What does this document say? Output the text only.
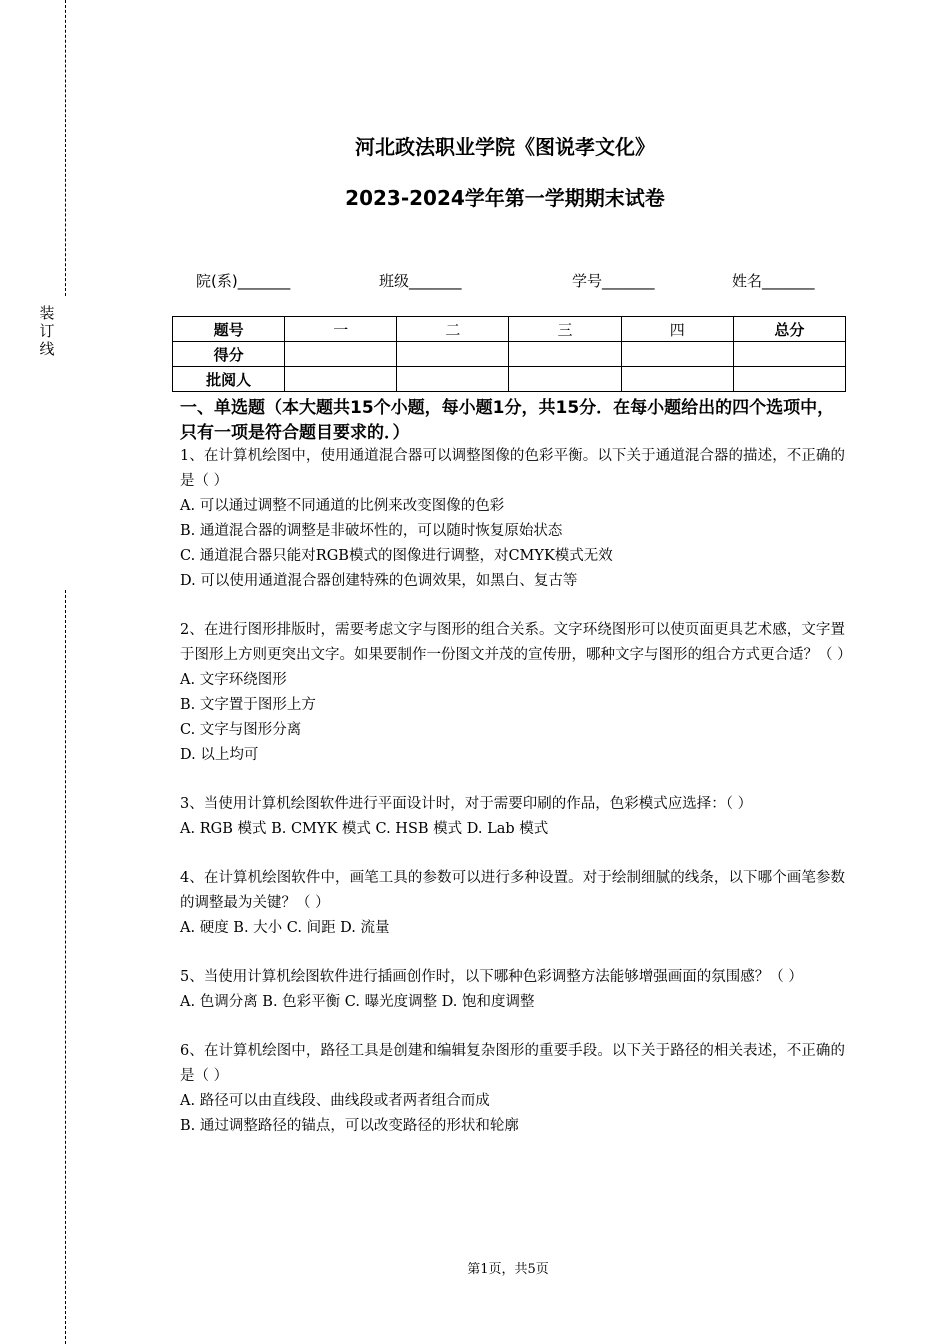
装
订
线
河北政法职业学院《图说孝文化》
2023-2024学年第一学期期末试卷
院(系)_______	班级_______	学号_______	姓名_______
题号	一	二	三	四	总分
得分					
批阅人					
一、单选题（本大题共15个小题，每小题1分，共15分．在每小题给出的四个选项中，只有一项是符合题目要求的．）

1、在计算机绘图中，使用通道混合器可以调整图像的色彩平衡。以下关于通道混合器的描述，不正确的是（ ）

A. 可以通过调整不同通道的比例来改变图像的色彩

B. 通道混合器的调整是非破坏性的，可以随时恢复原始状态

C. 通道混合器只能对RGB模式的图像进行调整，对CMYK模式无效

D. 可以使用通道混合器创建特殊的色调效果，如黑白、复古等

2、在进行图形排版时，需要考虑文字与图形的组合关系。文字环绕图形可以使页面更具艺术感，文字置于图形上方则更突出文字。如果要制作一份图文并茂的宣传册，哪种文字与图形的组合方式更合适？（ ）

A. 文字环绕图形

B. 文字置于图形上方

C. 文字与图形分离

D. 以上均可

3、当使用计算机绘图软件进行平面设计时，对于需要印刷的作品，色彩模式应选择：（ ）

A. RGB 模式 B. CMYK 模式 C. HSB 模式 D. Lab 模式

4、在计算机绘图软件中，画笔工具的参数可以进行多种设置。对于绘制细腻的线条，以下哪个画笔参数的调整最为关键？（ ）

A. 硬度 B. 大小 C. 间距 D. 流量

5、当使用计算机绘图软件进行插画创作时，以下哪种色彩调整方法能够增强画面的氛围感？（ ）

A. 色调分离 B. 色彩平衡 C. 曝光度调整 D. 饱和度调整

6、在计算机绘图中，路径工具是创建和编辑复杂图形的重要手段。以下关于路径的相关表述，不正确的是（ ）

A. 路径可以由直线段、曲线段或者两者组合而成

B. 通过调整路径的锚点，可以改变路径的形状和轮廓

第1页，共5页
